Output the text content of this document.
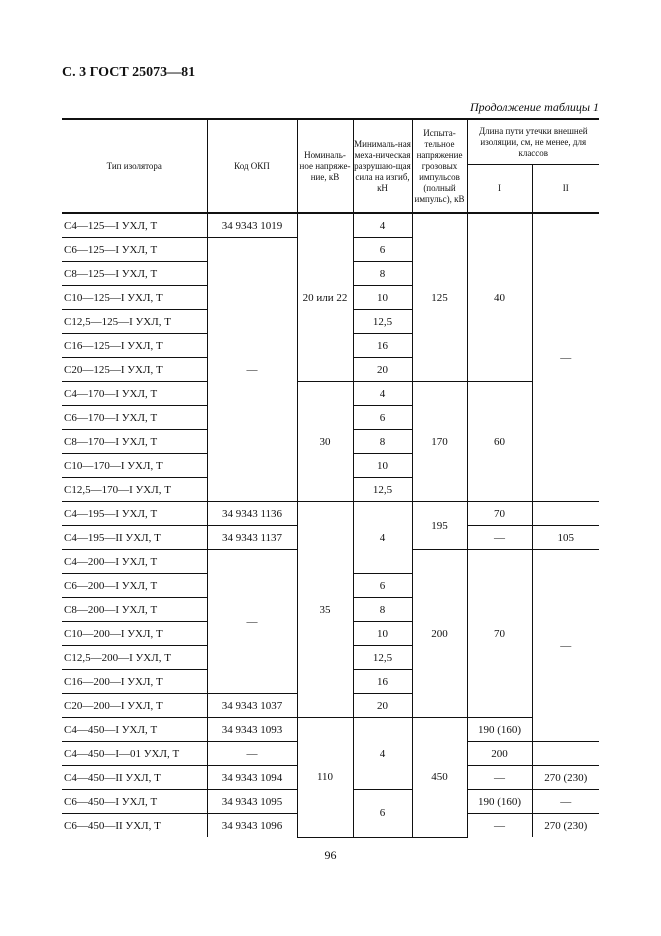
С. 3 ГОСТ 25073—81
Продолжение таблицы 1
Тип изолятора	Код ОКП	Номиналь-ное напряже-ние, кВ	Минималь-ная меха-ническая разрушаю-щая сила на изгиб, кН	Испыта-тельное напряжение грозовых импульсов (полный импульс), кВ	Длина пути утечки внешней изоляции, см, не менее, для классов	
					I	II
С4—125—I УХЛ, Т	34 9343 1019	20 или 22	4	125	40	—
С6—125—I УХЛ, Т	—		6			
С8—125—I УХЛ, Т			8			
С10—125—I УХЛ, Т			10			
С12,5—125—I УХЛ, Т			12,5			
С16—125—I УХЛ, Т			16			
С20—125—I УХЛ, Т			20			
С4—170—I УХЛ, Т		30	4	170	60	
С6—170—I УХЛ, Т			6			
С8—170—I УХЛ, Т			8			
С10—170—I УХЛ, Т			10			
С12,5—170—I УХЛ, Т			12,5			
С4—195—I УХЛ, Т	34 9343 1136	35	4	195	70	
С4—195—II УХЛ, Т	34 9343 1137				—	105
С4—200—I УХЛ, Т	—			200	70	—
С6—200—I УХЛ, Т			6			
С8—200—I УХЛ, Т			8			
С10—200—I УХЛ, Т			10			
С12,5—200—I УХЛ, Т			12,5			
С16—200—I УХЛ, Т			16			
С20—200—I УХЛ, Т	34 9343 1037		20			
С4—450—I УХЛ, Т	34 9343 1093	110	4	450	190 (160)	
С4—450—I—01 УХЛ, Т	—				200	
С4—450—II УХЛ, Т	34 9343 1094				—	270 (230)
С6—450—I УХЛ, Т	34 9343 1095		6		190 (160)	—
С6—450—II УХЛ, Т	34 9343 1096				—	270 (230)
96
